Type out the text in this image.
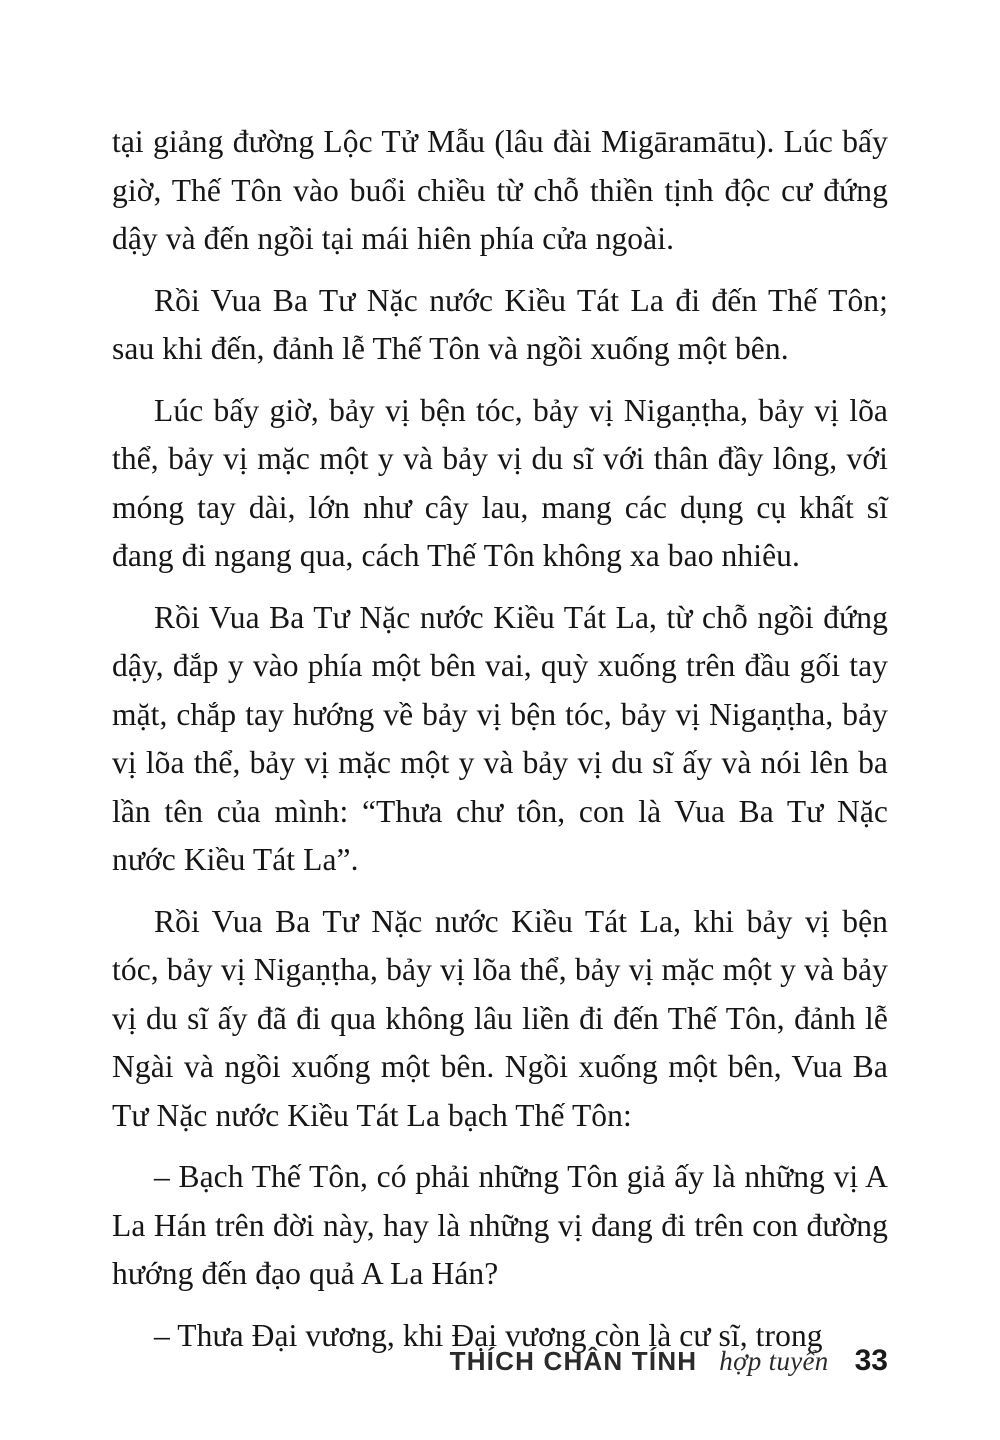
tại giảng đường Lộc Tử Mẫu (lâu đài Migāramātu). Lúc bấy giờ, Thế Tôn vào buổi chiều từ chỗ thiền tịnh độc cư đứng dậy và đến ngồi tại mái hiên phía cửa ngoài.

Rồi Vua Ba Tư Nặc nước Kiều Tát La đi đến Thế Tôn; sau khi đến, đảnh lễ Thế Tôn và ngồi xuống một bên.

Lúc bấy giờ, bảy vị bện tóc, bảy vị Nigaṇṭha, bảy vị lõa thể, bảy vị mặc một y và bảy vị du sĩ với thân đầy lông, với móng tay dài, lớn như cây lau, mang các dụng cụ khất sĩ đang đi ngang qua, cách Thế Tôn không xa bao nhiêu.

Rồi Vua Ba Tư Nặc nước Kiều Tát La, từ chỗ ngồi đứng dậy, đắp y vào phía một bên vai, quỳ xuống trên đầu gối tay mặt, chắp tay hướng về bảy vị bện tóc, bảy vị Nigaṇṭha, bảy vị lõa thể, bảy vị mặc một y và bảy vị du sĩ ấy và nói lên ba lần tên của mình: “Thưa chư tôn, con là Vua Ba Tư Nặc nước Kiều Tát La”.

Rồi Vua Ba Tư Nặc nước Kiều Tát La, khi bảy vị bện tóc, bảy vị Nigaṇṭha, bảy vị lõa thể, bảy vị mặc một y và bảy vị du sĩ ấy đã đi qua không lâu liền đi đến Thế Tôn, đảnh lễ Ngài và ngồi xuống một bên. Ngồi xuống một bên, Vua Ba Tư Nặc nước Kiều Tát La bạch Thế Tôn:

– Bạch Thế Tôn, có phải những Tôn giả ấy là những vị A La Hán trên đời này, hay là những vị đang đi trên con đường hướng đến đạo quả A La Hán?

– Thưa Đại vương, khi Đại vương còn là cư sĩ, trong

THÍCH CHÂN TÍNH hợp tuyển 33
